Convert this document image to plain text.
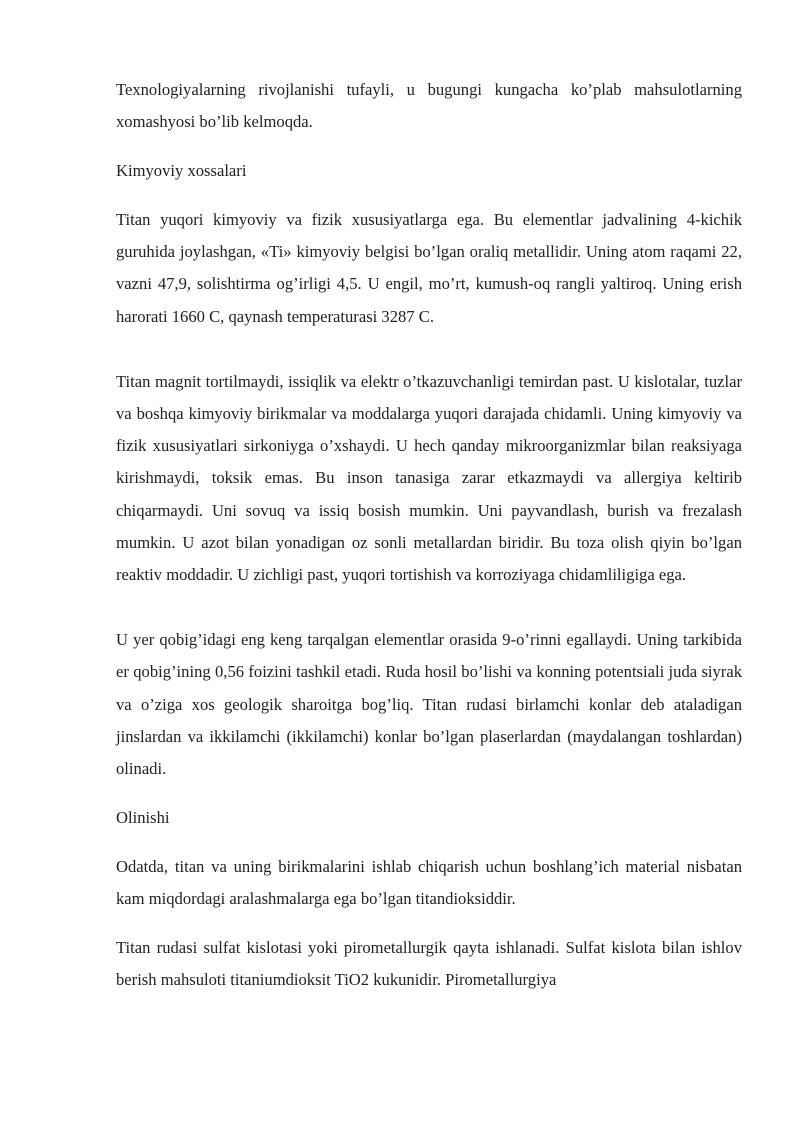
Texnologiyalarning rivojlanishi tufayli, u bugungi kungacha ko’plab mahsulotlarning xomashyosi bo’lib kelmoqda.

Kimyoviy xossalari

Titan yuqori kimyoviy va fizik xususiyatlarga ega. Bu elementlar jadvalining 4-kichik guruhida joylashgan, «Ti» kimyoviy belgisi bo’lgan oraliq metallidir. Uning atom raqami 22, vazni 47,9, solishtirma og’irligi 4,5. U engil, mo’rt, kumush-oq rangli yaltiroq. Uning erish harorati 1660 C, qaynash temperaturasi 3287 C.

Titan magnit tortilmaydi, issiqlik va elektr o’tkazuvchanligi temirdan past. U kislotalar, tuzlar va boshqa kimyoviy birikmalar va moddalarga yuqori darajada chidamli. Uning kimyoviy va fizik xususiyatlari sirkoniyga o’xshaydi. U hech qanday mikroorganizmlar bilan reaksiyaga kirishmaydi, toksik emas. Bu inson tanasiga zarar etkazmaydi va allergiya keltirib chiqarmaydi. Uni sovuq va issiq bosish mumkin. Uni payvandlash, burish va frezalash mumkin. U azot bilan yonadigan oz sonli metallardan biridir. Bu toza olish qiyin bo’lgan reaktiv moddadir. U zichligi past, yuqori tortishish va korroziyaga chidamliligiga ega.

U yer qobig’idagi eng keng tarqalgan elementlar orasida 9-o’rinni egallaydi. Uning tarkibida er qobig’ining 0,56 foizini tashkil etadi. Ruda hosil bo’lishi va konning potentsiali juda siyrak va o’ziga xos geologik sharoitga bog’liq. Titan rudasi birlamchi konlar deb ataladigan jinslardan va ikkilamchi (ikkilamchi) konlar bo’lgan plaserlardan (maydalangan toshlardan) olinadi.

Olinishi

Odatda, titan va uning birikmalarini ishlab chiqarish uchun boshlang’ich material nisbatan kam miqdordagi aralashmalarga ega bo’lgan titandioksiddir.

Titan rudasi sulfat kislotasi yoki pirometallurgik qayta ishlanadi. Sulfat kislota bilan ishlov berish mahsuloti titaniumdioksit TiO2 kukunidir. Pirometallurgiya
